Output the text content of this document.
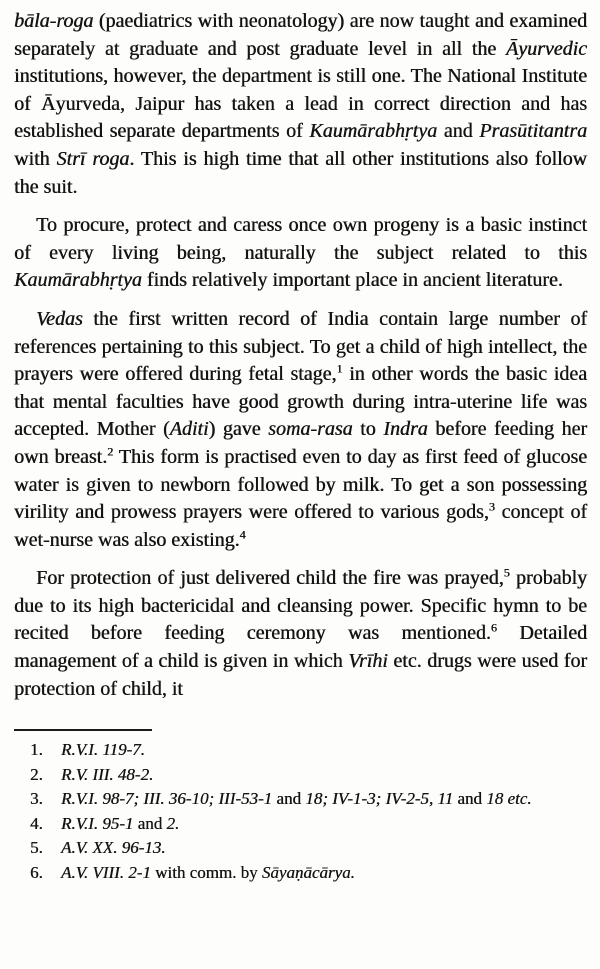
bāla-roga (paediatrics with neonatology) are now taught and examined separately at graduate and post graduate level in all the Āyurvedic institutions, however, the department is still one. The National Institute of Āyurveda, Jaipur has taken a lead in correct direction and has established separate departments of Kaumārabhṛtya and Prasūtitantra with Strī roga. This is high time that all other institutions also follow the suit.

To procure, protect and caress once own progeny is a basic instinct of every living being, naturally the subject related to this Kaumārabhṛtya finds relatively important place in ancient literature.

Vedas the first written record of India contain large number of references pertaining to this subject. To get a child of high intellect, the prayers were offered during fetal stage,$^1$ in other words the basic idea that mental faculties have good growth during intra-uterine life was accepted. Mother (Aditi) gave soma-rasa to Indra before feeding her own breast.$^2$ This form is practised even to day as first feed of glucose water is given to newborn followed by milk. To get a son possessing virility and prowess prayers were offered to various gods,$^3$ concept of wet-nurse was also existing.$^4$

For protection of just delivered child the fire was prayed,$^5$ probably due to its high bactericidal and cleansing power. Specific hymn to be recited before feeding ceremony was mentioned.$^6$ Detailed management of a child is given in which Vrīhi etc. drugs were used for protection of child, it

1.	R.V.I. 119-7.
2.	R.V. III. 48-2.
3.	R.V.I. 98-7; III. 36-10; III-53-1 and 18; IV-1-3; IV-2-5, 11 and 18 etc.
4.	R.V.I. 95-1 and 2.
5.	A.V. XX. 96-13.
6.	A.V. VIII. 2-1 with comm. by Sāyaṇācārya.
